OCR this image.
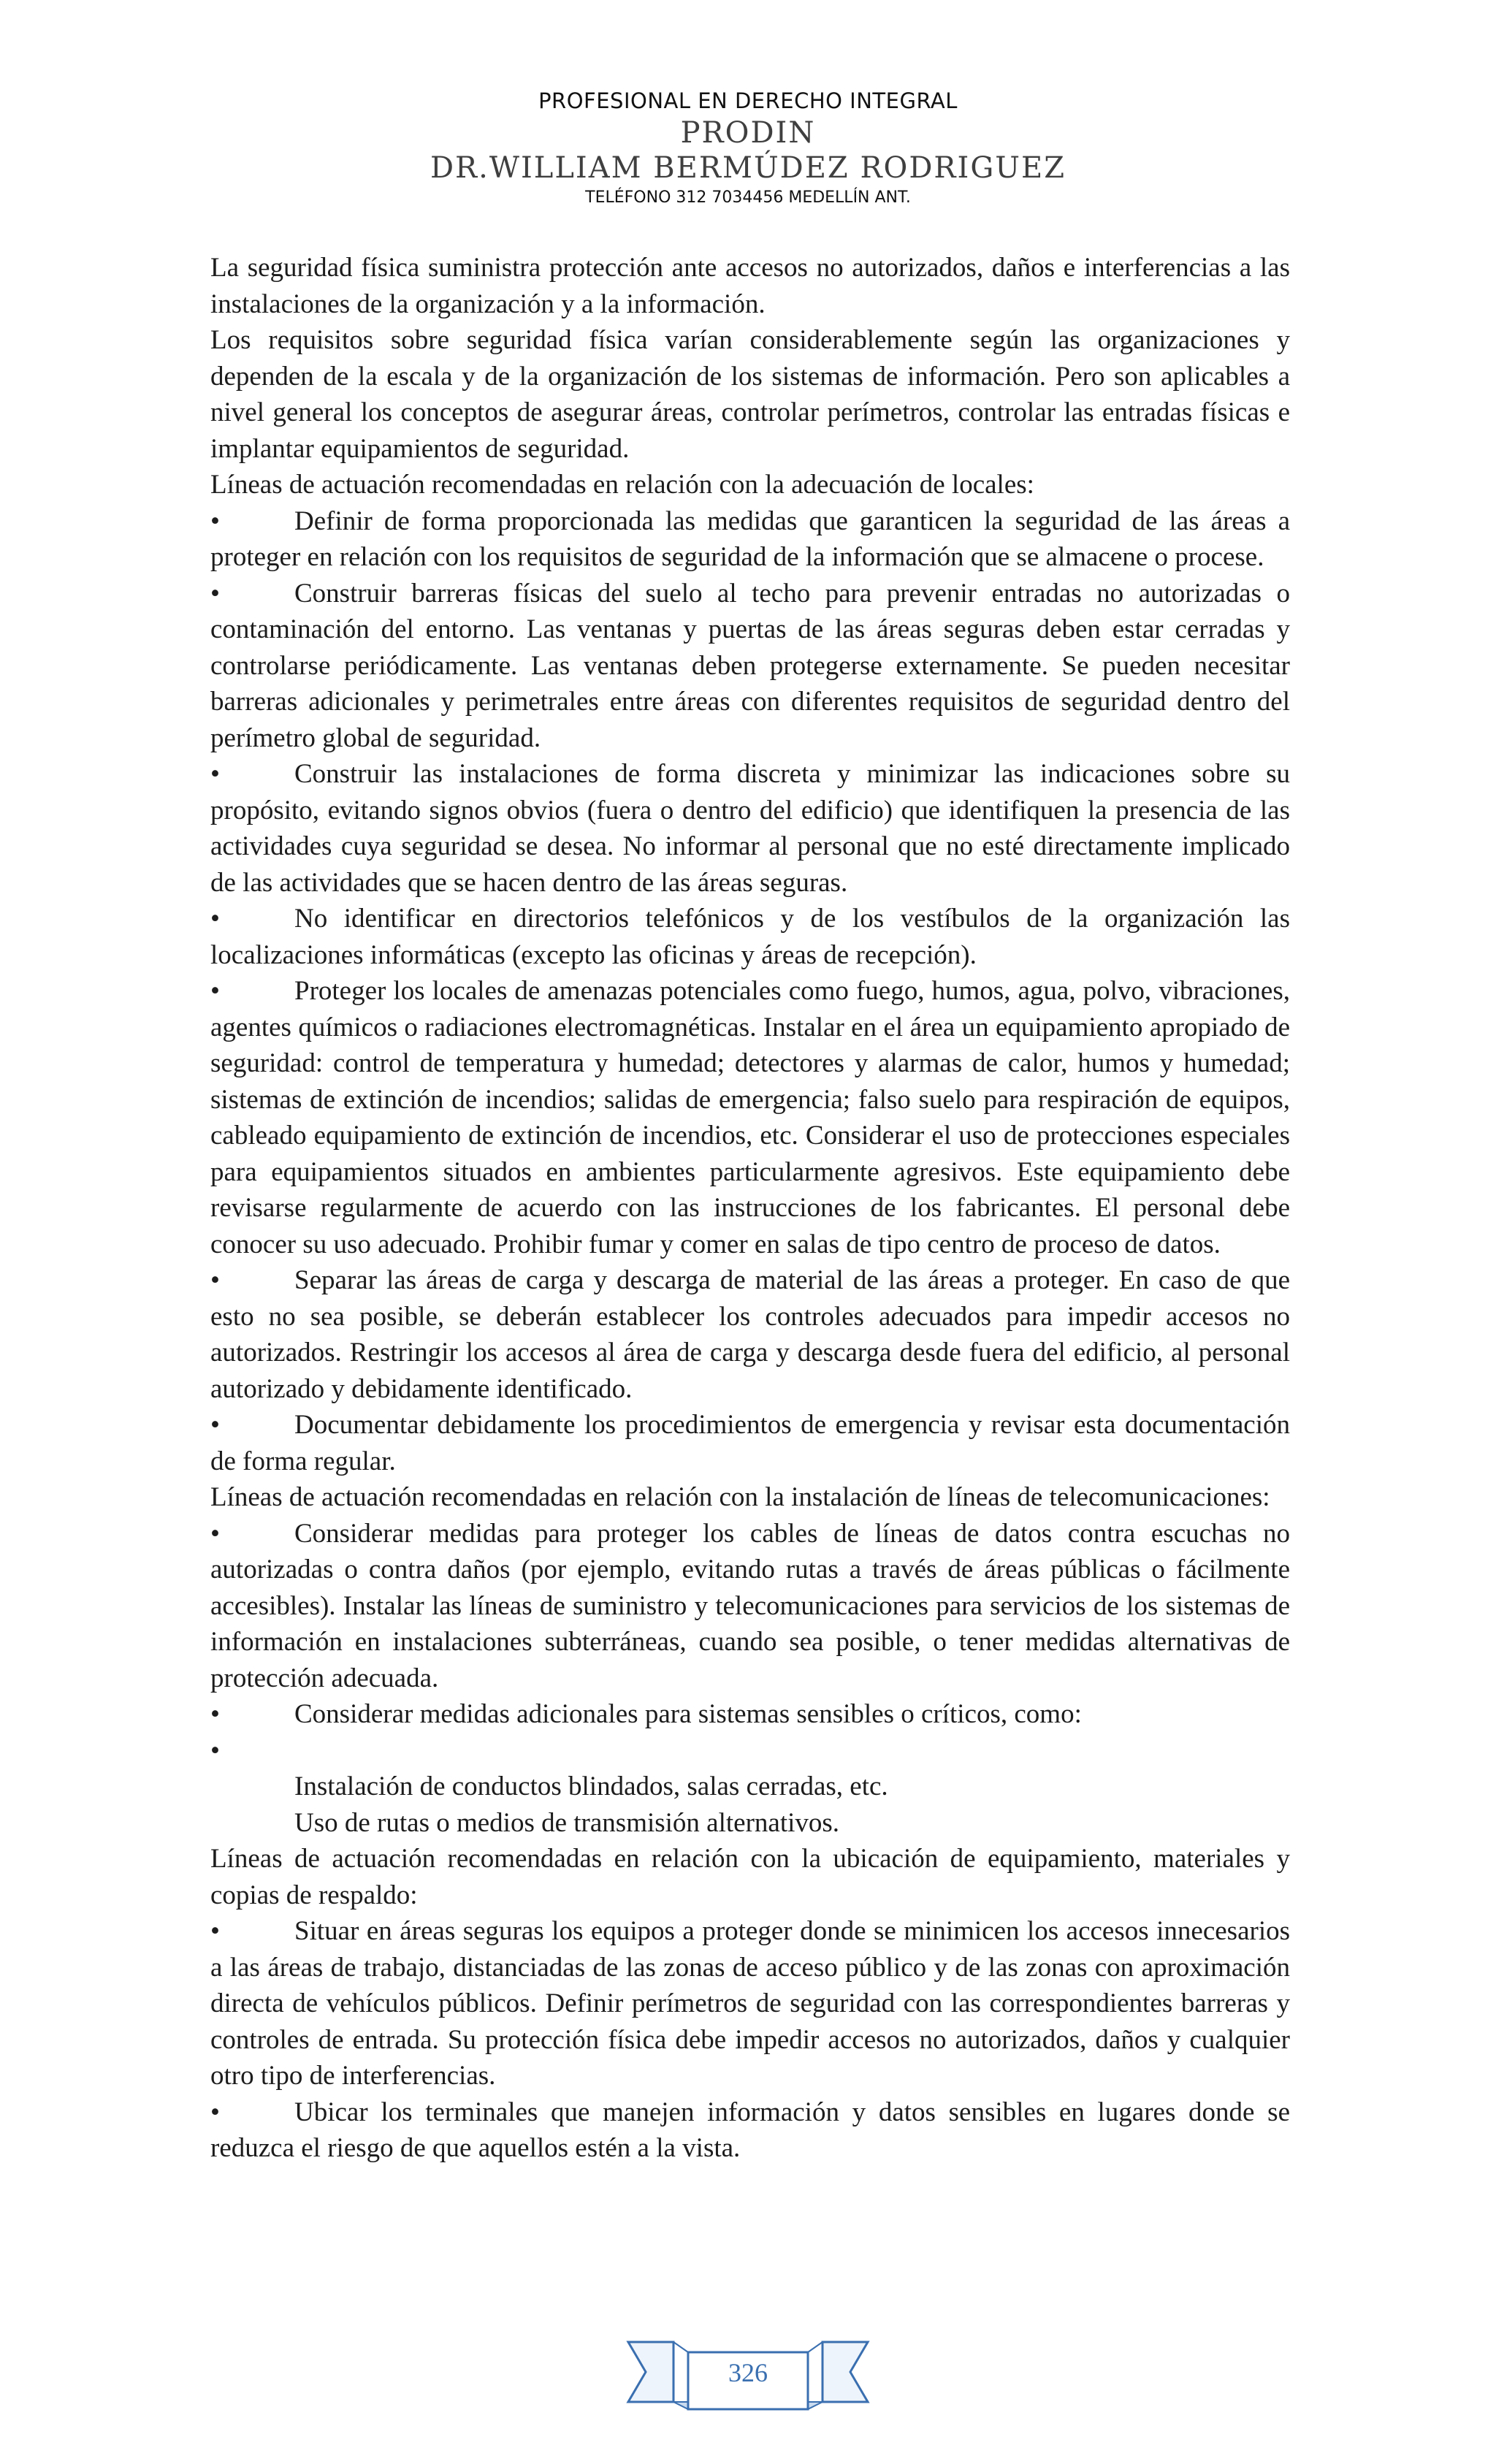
PROFESIONAL EN DERECHO INTEGRAL
PRODIN
DR.WILLIAM BERMÚDEZ RODRIGUEZ
TELÉFONO 312 7034456 MEDELLÍN ANT.

La seguridad física suministra protección ante accesos no autorizados, daños e interferencias a las instalaciones de la organización y a la información.

Los requisitos sobre seguridad física varían considerablemente según las organizaciones y dependen de la escala y de la organización de los sistemas de información. Pero son aplicables a nivel general los conceptos de asegurar áreas, controlar perímetros, controlar las entradas físicas e implantar equipamientos de seguridad.

Líneas de actuación recomendadas en relación con la adecuación de locales:

•	Definir de forma proporcionada las medidas que garanticen la seguridad de las áreas a proteger en relación con los requisitos de seguridad de la información que se almacene o procese.

•	Construir barreras físicas del suelo al techo para prevenir entradas no autorizadas o contaminación del entorno. Las ventanas y puertas de las áreas seguras deben estar cerradas y controlarse periódicamente. Las ventanas deben protegerse externamente. Se pueden necesitar barreras adicionales y perimetrales entre áreas con diferentes requisitos de seguridad dentro del perímetro global de seguridad.

•	Construir las instalaciones de forma discreta y minimizar las indicaciones sobre su propósito, evitando signos obvios (fuera o dentro del edificio) que identifiquen la presencia de las actividades cuya seguridad se desea. No informar al personal que no esté directamente implicado de las actividades que se hacen dentro de las áreas seguras.

•	No identificar en directorios telefónicos y de los vestíbulos de la organización las localizaciones informáticas (excepto las oficinas y áreas de recepción).

•	Proteger los locales de amenazas potenciales como fuego, humos, agua, polvo, vibraciones, agentes químicos o radiaciones electromagnéticas. Instalar en el área un equipamiento apropiado de seguridad: control de temperatura y humedad; detectores y alarmas de calor, humos y humedad; sistemas de extinción de incendios; salidas de emergencia; falso suelo para respiración de equipos, cableado equipamiento de extinción de incendios, etc. Considerar el uso de protecciones especiales para equipamientos situados en ambientes particularmente agresivos. Este equipamiento debe revisarse regularmente de acuerdo con las instrucciones de los fabricantes. El personal debe conocer su uso adecuado. Prohibir fumar y comer en salas de tipo centro de proceso de datos.

•	Separar las áreas de carga y descarga de material de las áreas a proteger. En caso de que esto no sea posible, se deberán establecer los controles adecuados para impedir accesos no autorizados. Restringir los accesos al área de carga y descarga desde fuera del edificio, al personal autorizado y debidamente identificado.

•	Documentar debidamente los procedimientos de emergencia y revisar esta documentación de forma regular.

Líneas de actuación recomendadas en relación con la instalación de líneas de telecomunicaciones:

•	Considerar medidas para proteger los cables de líneas de datos contra escuchas no autorizadas o contra daños (por ejemplo, evitando rutas a través de áreas públicas o fácilmente accesibles). Instalar las líneas de suministro y telecomunicaciones para servicios de los sistemas de información en instalaciones subterráneas, cuando sea posible, o tener medidas alternativas de protección adecuada.

•	Considerar medidas adicionales para sistemas sensibles o críticos, como:

•

Instalación de conductos blindados, salas cerradas, etc.

Uso de rutas o medios de transmisión alternativos.

Líneas de actuación recomendadas en relación con la ubicación de equipamiento, materiales y copias de respaldo:

•	Situar en áreas seguras los equipos a proteger donde se minimicen los accesos innecesarios a las áreas de trabajo, distanciadas de las zonas de acceso público y de las zonas con aproximación directa de vehículos públicos. Definir perímetros de seguridad con las correspondientes barreras y controles de entrada. Su protección física debe impedir accesos no autorizados, daños y cualquier otro tipo de interferencias.

•	Ubicar los terminales que manejen información y datos sensibles en lugares donde se reduzca el riesgo de que aquellos estén a la vista.

326
